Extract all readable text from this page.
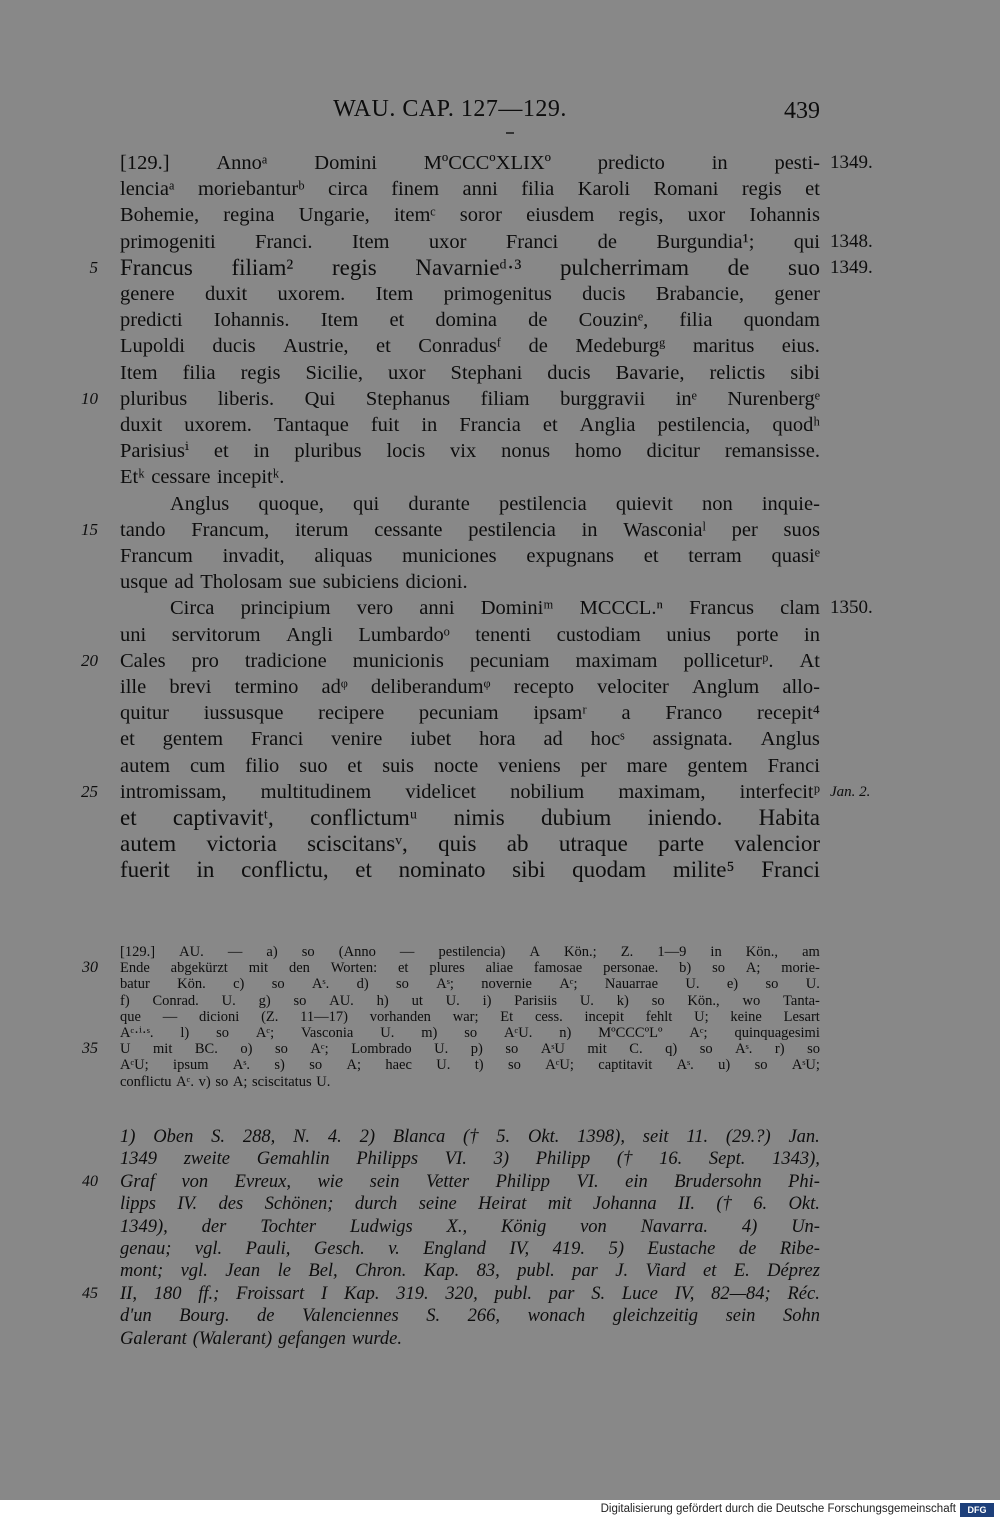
WAU. CAP. 127—129.	439
[129.] Annoᵃ Domini MºCCCºXLIXº predicto in pesti- 1349.
lenciaᵃ moriebanturᵇ circa finem anni filia Karoli Romani regis et
Bohemie, regina Ungarie, itemᶜ soror eiusdem regis, uxor Iohannis
primogeniti Franci. Item uxor Franci de Burgundia¹; qui 1348.
Francus filiam² regis Navarnieᵈ·³ pulcherrimam de suo
5	1349.
genere duxit uxorem. Item primogenitus ducis Brabancie, gener
predicti Iohannis. Item et domina de Couzinᵉ, filia quondam
Lupoldi ducis Austrie, et Conradusᶠ de Medeburgᵍ maritus eius.
Item filia regis Sicilie, uxor Stephani ducis Bavarie, relictis sibi
pluribus liberis. Qui Stephanus filiam burggravii inᵉ Nurenbergᵉ
10
duxit uxorem. Tantaque fuit in Francia et Anglia pestilencia, quodʰ
Parisiusⁱ et in pluribus locis vix nonus homo dicitur remansisse.
Etᵏ cessare incepitᵏ.
Anglus quoque, qui durante pestilencia quievit non inquie-
tando Francum, iterum cessante pestilencia in Wasconiaˡ per suos
15
Francum invadit, aliquas municiones expugnans et terram quasiᵉ
usque ad Tholosam sue subiciens dicioni.
Circa principium vero anni Dominiᵐ MCCCL.ⁿ Francus clam 1350.
uni servitorum Angli Lumbardoᵒ tenenti custodiam unius porte in
Cales pro tradicione municionis pecuniam maximam polliceturᵖ. At
20
ille brevi termino adᵠ deliberandumᵠ recepto velociter Anglum allo-
quitur iussusque recipere pecuniam ipsamʳ a Franco recepit⁴
et gentem Franci venire iubet hora ad hocˢ assignata. Anglus
autem cum filio suo et suis nocte veniens per mare gentem Franci
intromissam, multitudinem videlicet nobilium maximam, interfecitᵖ
25	Jan. 2.
et captivavitᵗ, conflictumᵘ nimis dubium iniendo. Habita
autem victoria sciscitansᵛ, quis ab utraque parte valencior
fuerit in conflictu, et nominato sibi quodam milite⁵ Franci
[129.] AU. — a) so (Anno — pestilencia) A Kön.; Z. 1—9 in Kön., am
Ende abgekürzt mit den Worten: et plures aliae famosae personae. b) so A; morie-
30
batur Kön. c) so Aˢ. d) so Aˢ; novernie Aᶜ; Nauarrae U. e) so U.
f) Conrad. U. g) so AU. h) ut U. i) Parisiis U. k) so Kön., wo Tanta-
que — dicioni (Z. 11—17) vorhanden war; Et cess. incepit fehlt U; keine Lesart
Aᶜ·ⁱ·ˢ. l) so Aᶜ; Vasconia U. m) so AᶜU. n) MºCCCºLº Aᶜ; quinquagesimi
U mit BC. o) so Aᶜ; Lombrado U. p) so AˢU mit C. q) so Aˢ. r) so
35
AᶜU; ipsum Aˢ. s) so A; haec U. t) so AᶜU; captitavit Aˢ. u) so AˢU;
conflictu Aᶜ. v) so A; sciscitatus U.
1) Oben S. 288, N. 4. 2) Blanca († 5. Okt. 1398), seit 11. (29.?) Jan.
1349 zweite Gemahlin Philipps VI. 3) Philipp († 16. Sept. 1343),
Graf von Evreux, wie sein Vetter Philipp VI. ein Brudersohn Phi-
40
lipps IV. des Schönen; durch seine Heirat mit Johanna II. († 6. Okt.
1349), der Tochter Ludwigs X., König von Navarra. 4) Un-
genau; vgl. Pauli, Gesch. v. England IV, 419. 5) Eustache de Ribe-
mont; vgl. Jean le Bel, Chron. Kap. 83, publ. par J. Viard et E. Déprez
II, 180 ff.; Froissart I Kap. 319. 320, publ. par S. Luce IV, 82—84; Réc.
45
d'un Bourg. de Valenciennes S. 266, wonach gleichzeitig sein Sohn
Galerant (Walerant) gefangen wurde.
Digitalisierung gefördert durch die Deutsche Forschungsgemeinschaft	DFG
